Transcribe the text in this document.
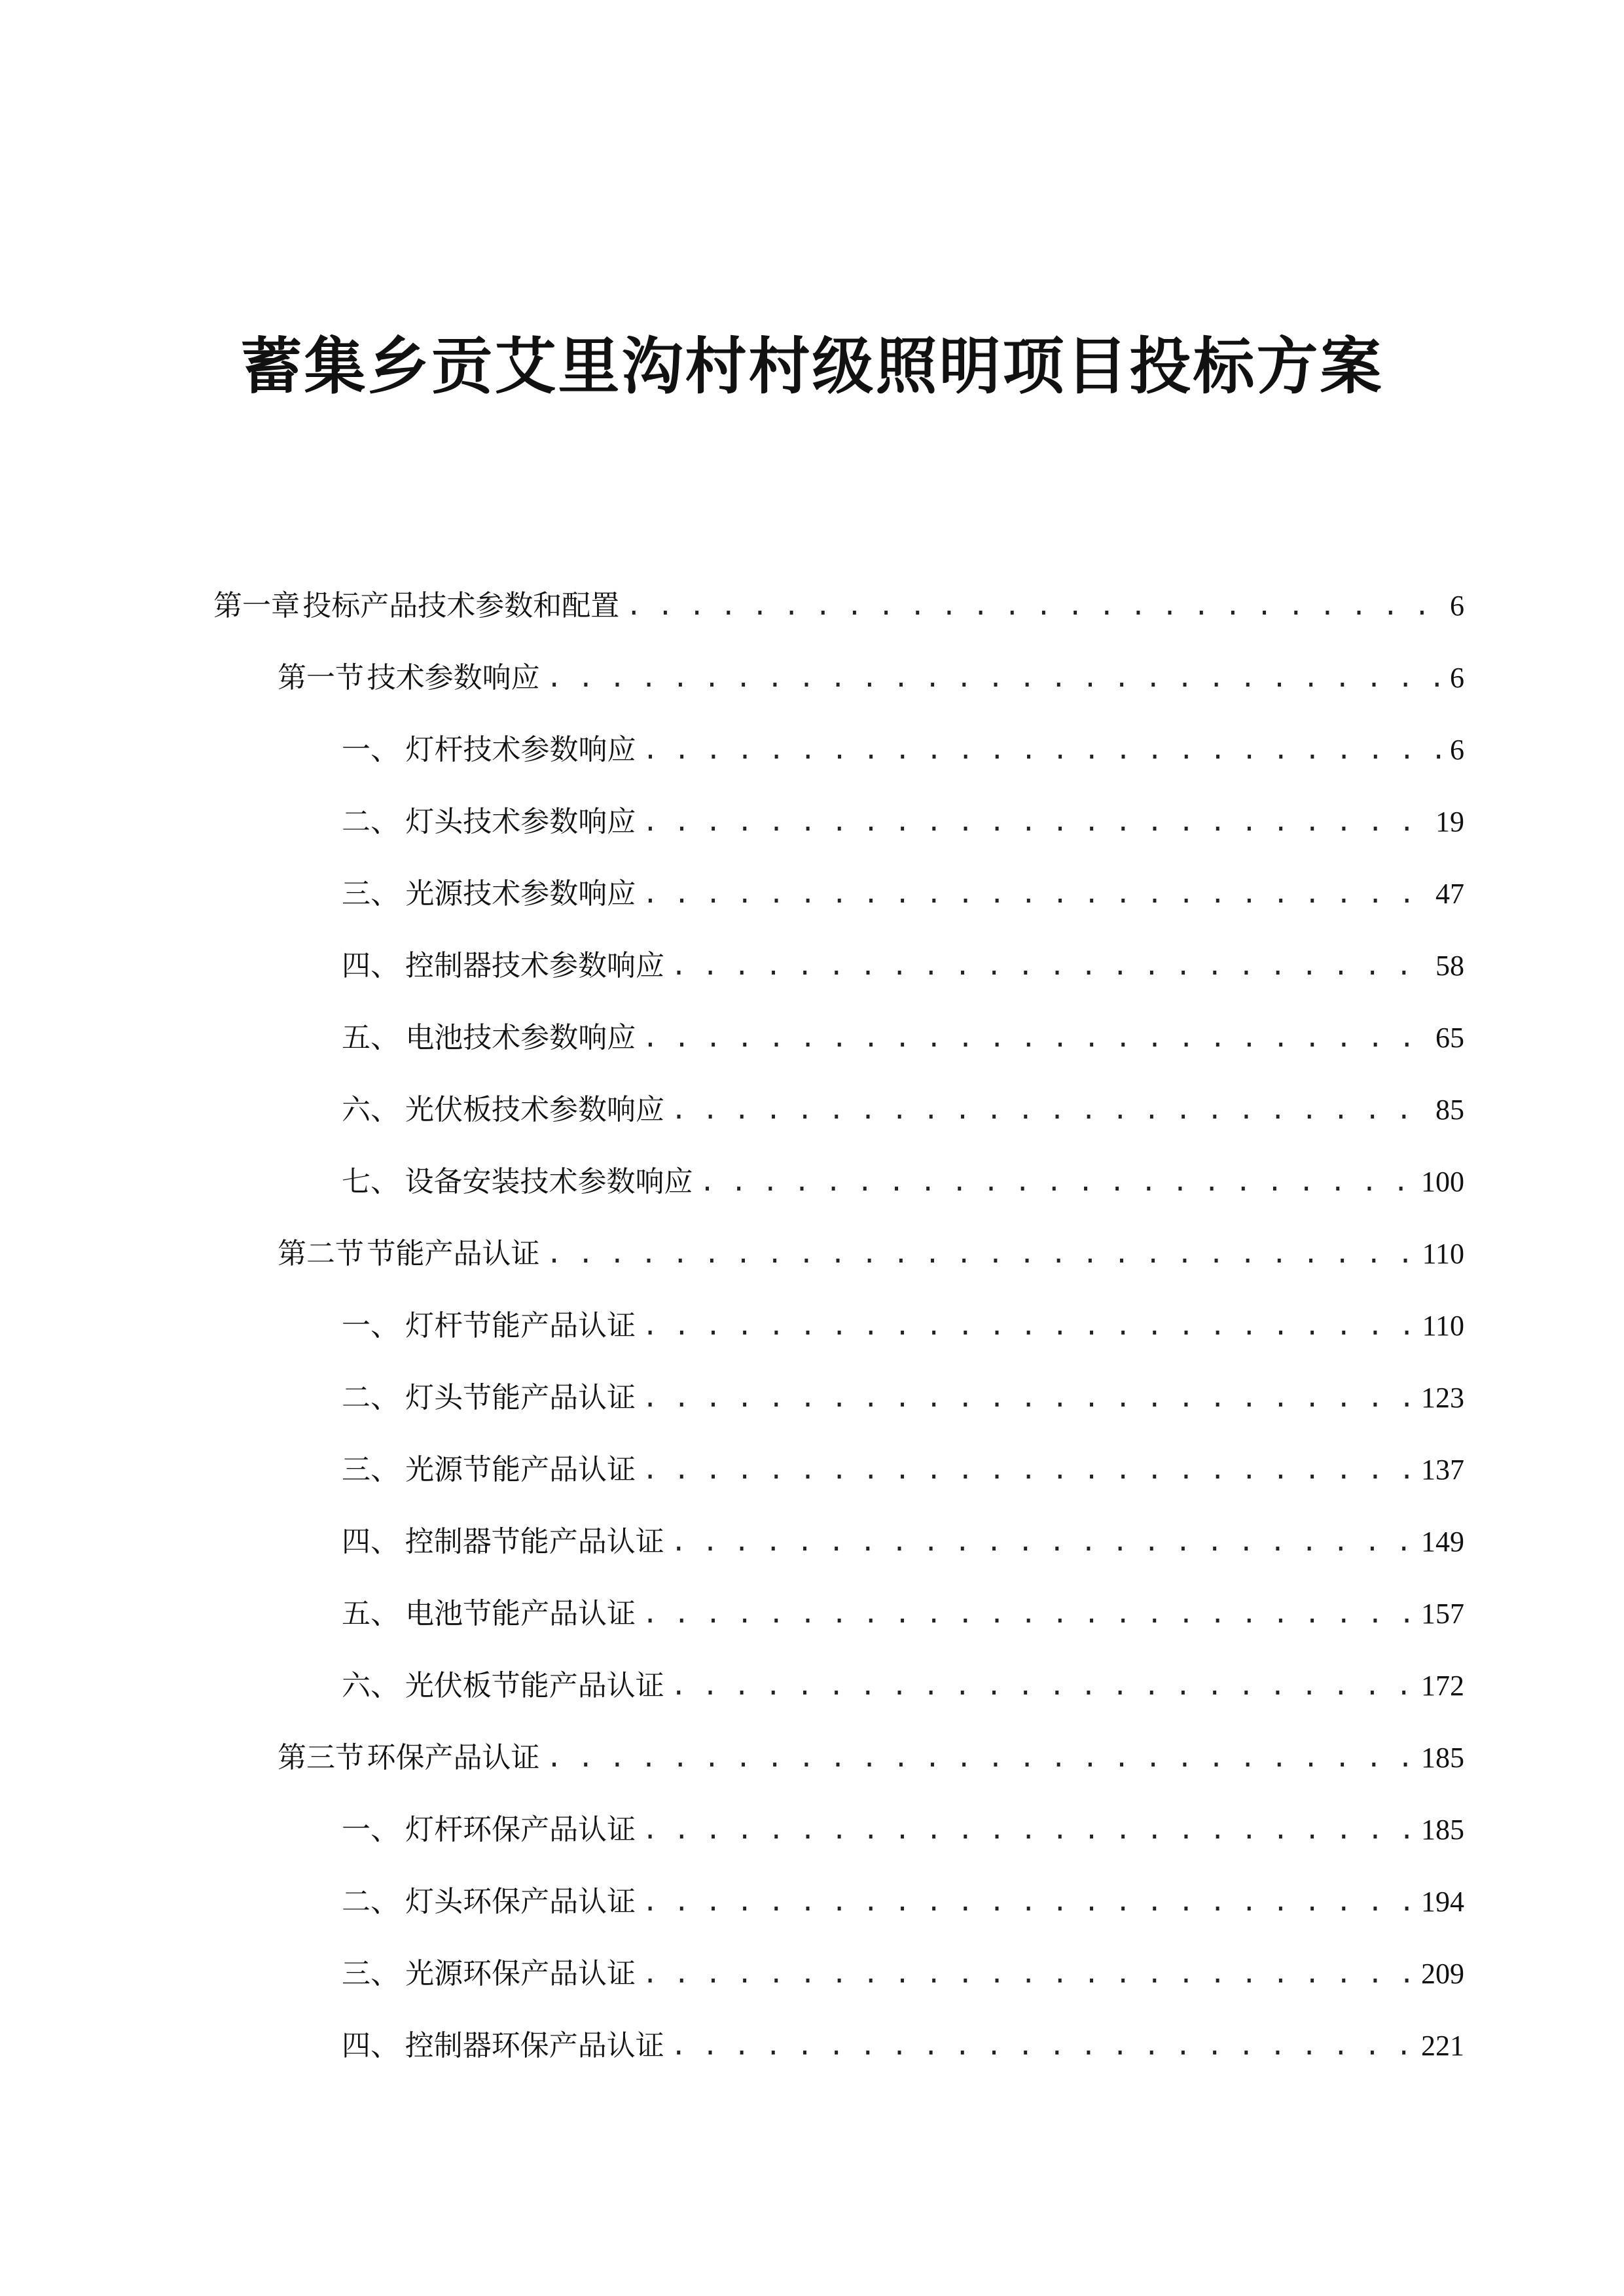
蓄集乡贡艾里沟村村级照明项目投标方案
第一章 投标产品技术参数和配置 . . .	6
第一节 技术参数响应 . . .	6
一、 灯杆技术参数响应 . . .	6
二、 灯头技术参数响应 . . .	19
三、 光源技术参数响应 . . .	47
四、 控制器技术参数响应 . . .	58
五、 电池技术参数响应 . . .	65
六、 光伏板技术参数响应 . . .	85
七、 设备安装技术参数响应 . . .	100
第二节 节能产品认证 . . .	110
一、 灯杆节能产品认证 . . .	110
二、 灯头节能产品认证 . . .	123
三、 光源节能产品认证 . . .	137
四、 控制器节能产品认证 . . .	149
五、 电池节能产品认证 . . .	157
六、 光伏板节能产品认证 . . .	172
第三节 环保产品认证 . . .	185
一、 灯杆环保产品认证 . . .	185
二、 灯头环保产品认证 . . .	194
三、 光源环保产品认证 . . .	209
四、 控制器环保产品认证 . . .	221
